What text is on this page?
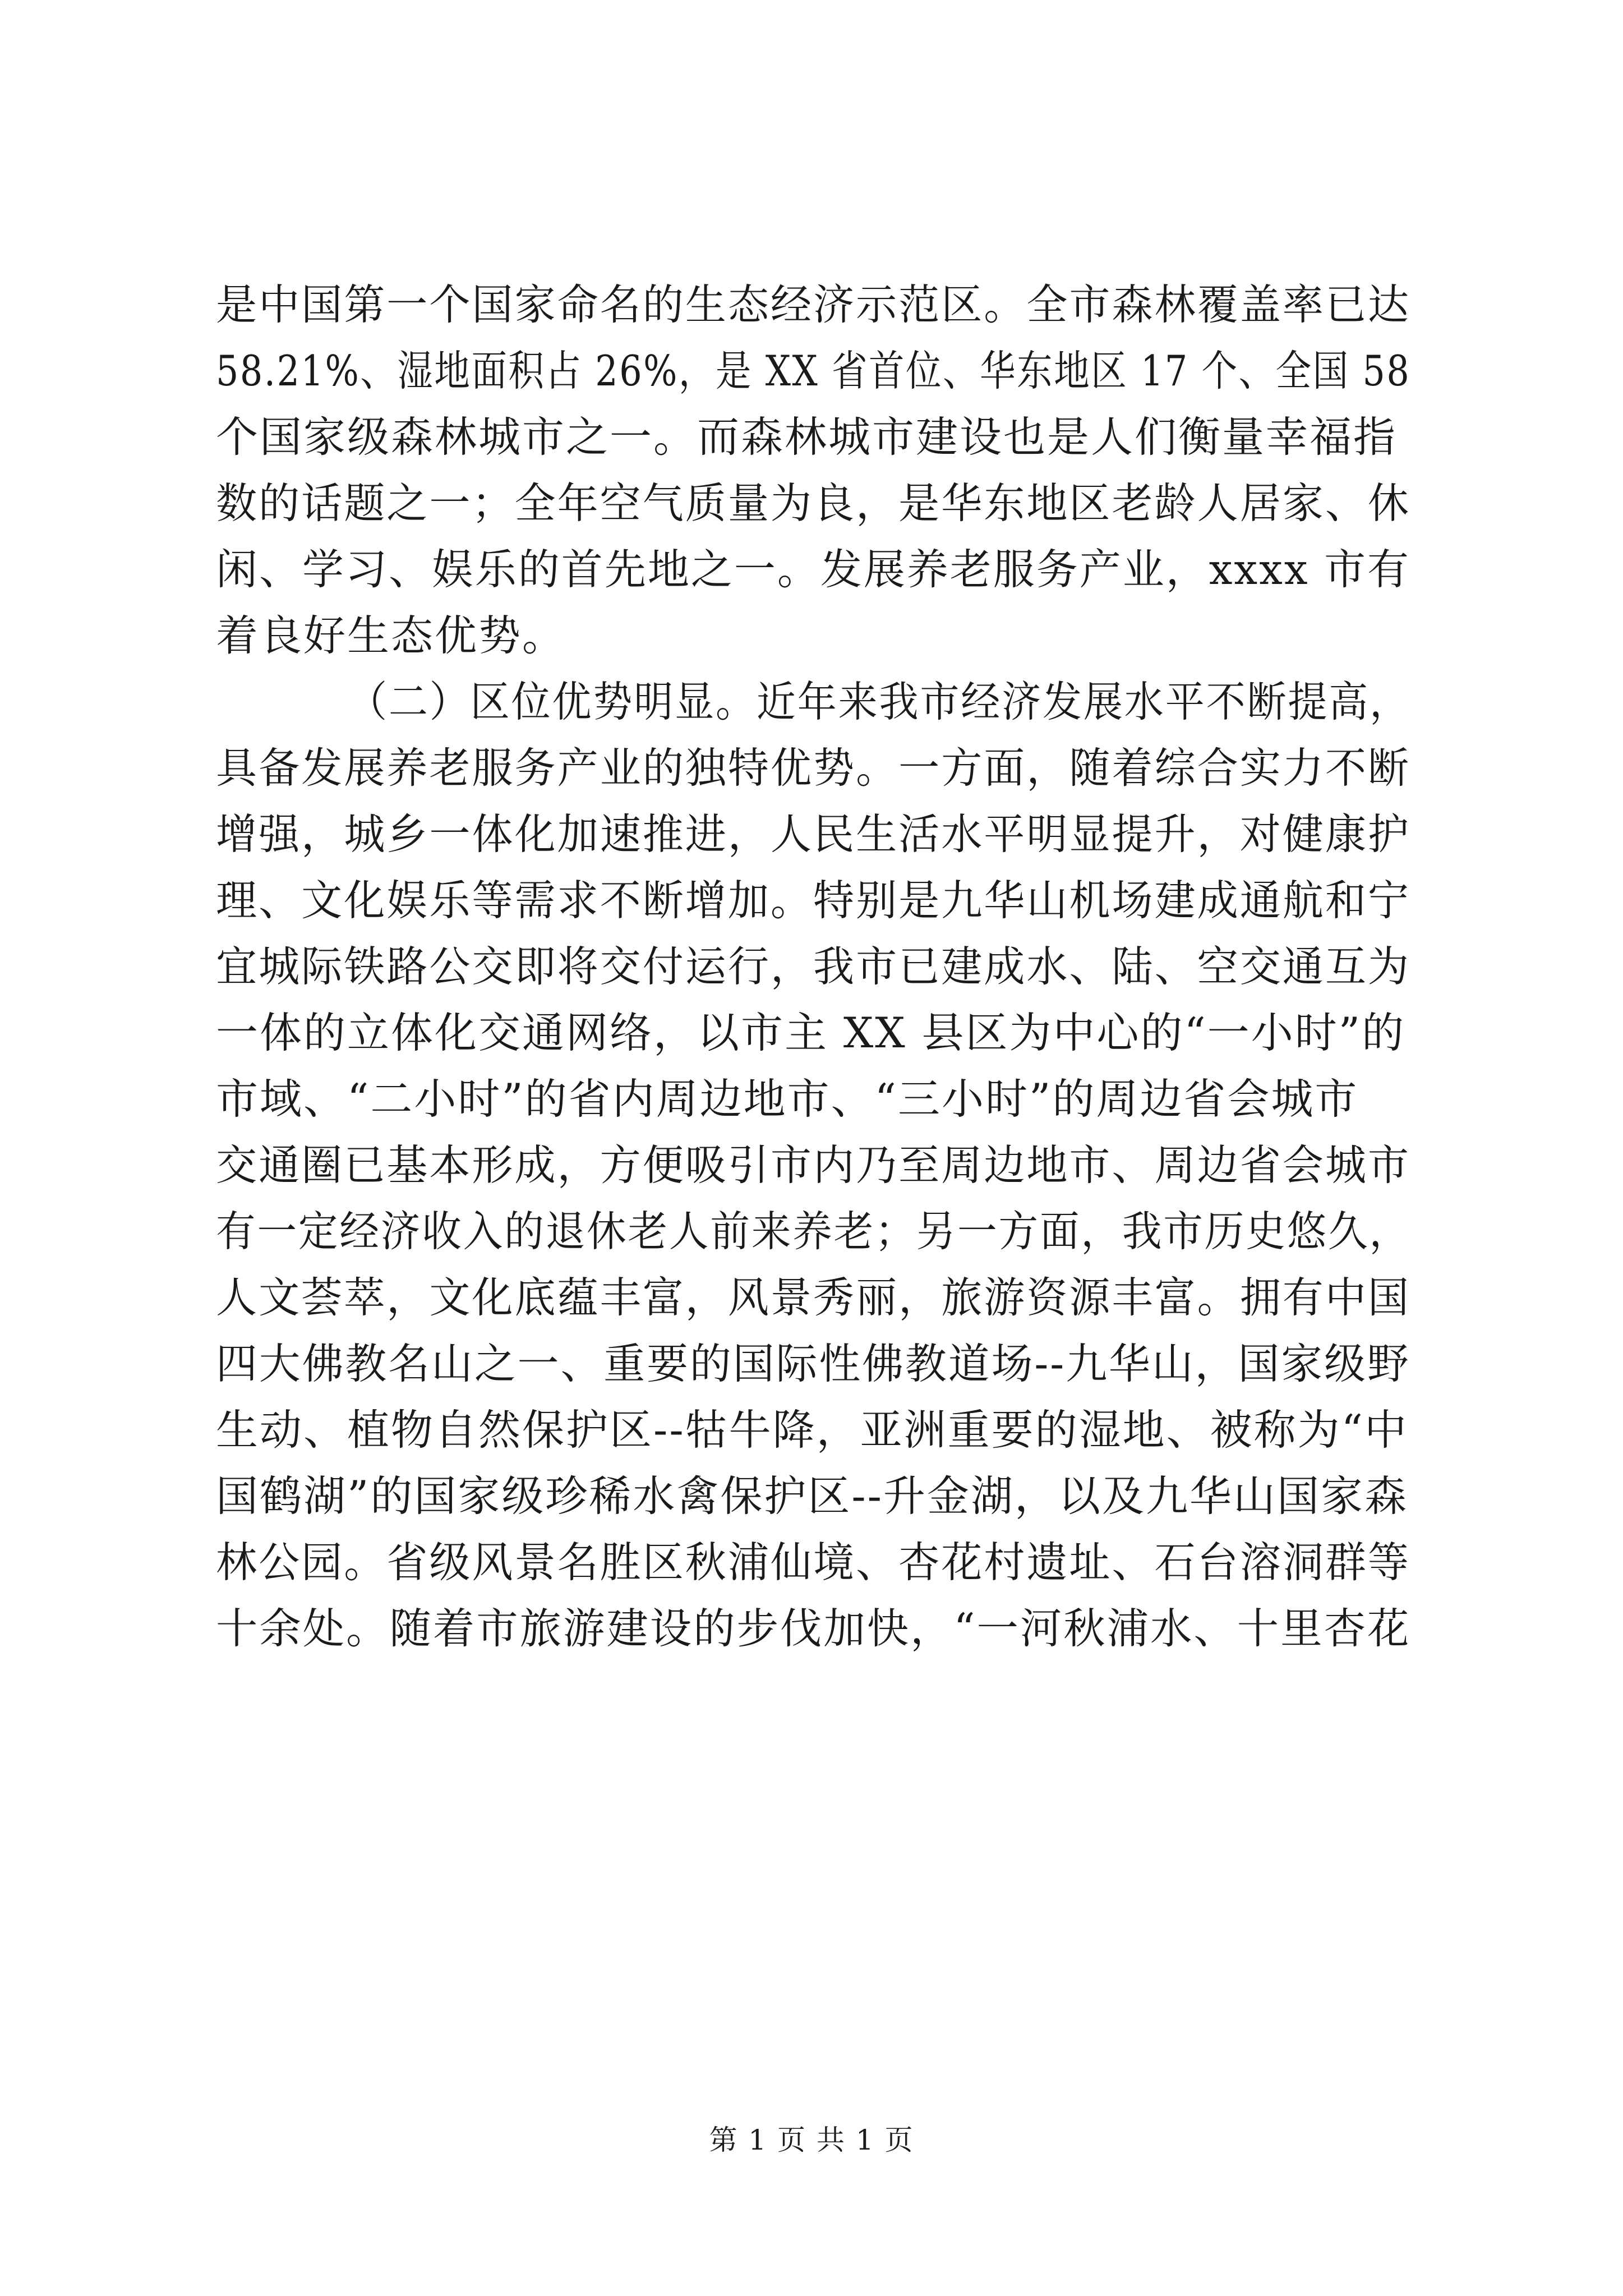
是中国第一个国家命名的生态经济示范区。全市森林覆盖率已达
58.21%、湿地面积占 26%，是 XX 省首位、华东地区 17 个、全国 58
个国家级森林城市之一。而森林城市建设也是人们衡量幸福指
数的话题之一；全年空气质量为良，是华东地区老龄人居家、休
闲、学习、娱乐的首先地之一。发展养老服务产业，xxxx 市有
着良好生态优势。
（二）区位优势明显。近年来我市经济发展水平不断提高，
具备发展养老服务产业的独特优势。一方面，随着综合实力不断
增强，城乡一体化加速推进，人民生活水平明显提升，对健康护
理、文化娱乐等需求不断增加。特别是九华山机场建成通航和宁
宜城际铁路公交即将交付运行，我市已建成水、陆、空交通互为
一体的立体化交通网络，以市主 XX 县区为中心的“一小时”的
市域、“二小时”的省内周边地市、“三小时”的周边省会城市
交通圈已基本形成，方便吸引市内乃至周边地市、周边省会城市
有一定经济收入的退休老人前来养老；另一方面，我市历史悠久，
人文荟萃，文化底蕴丰富，风景秀丽，旅游资源丰富。拥有中国
四大佛教名山之一、重要的国际性佛教道场--九华山，国家级野
生动、植物自然保护区--牯牛降，亚洲重要的湿地、被称为“中
国鹤湖”的国家级珍稀水禽保护区--升金湖，以及九华山国家森
林公园。省级风景名胜区秋浦仙境、杏花村遗址、石台溶洞群等
十余处。随着市旅游建设的步伐加快，“一河秋浦水、十里杏花
第 1 页 共 1 页
